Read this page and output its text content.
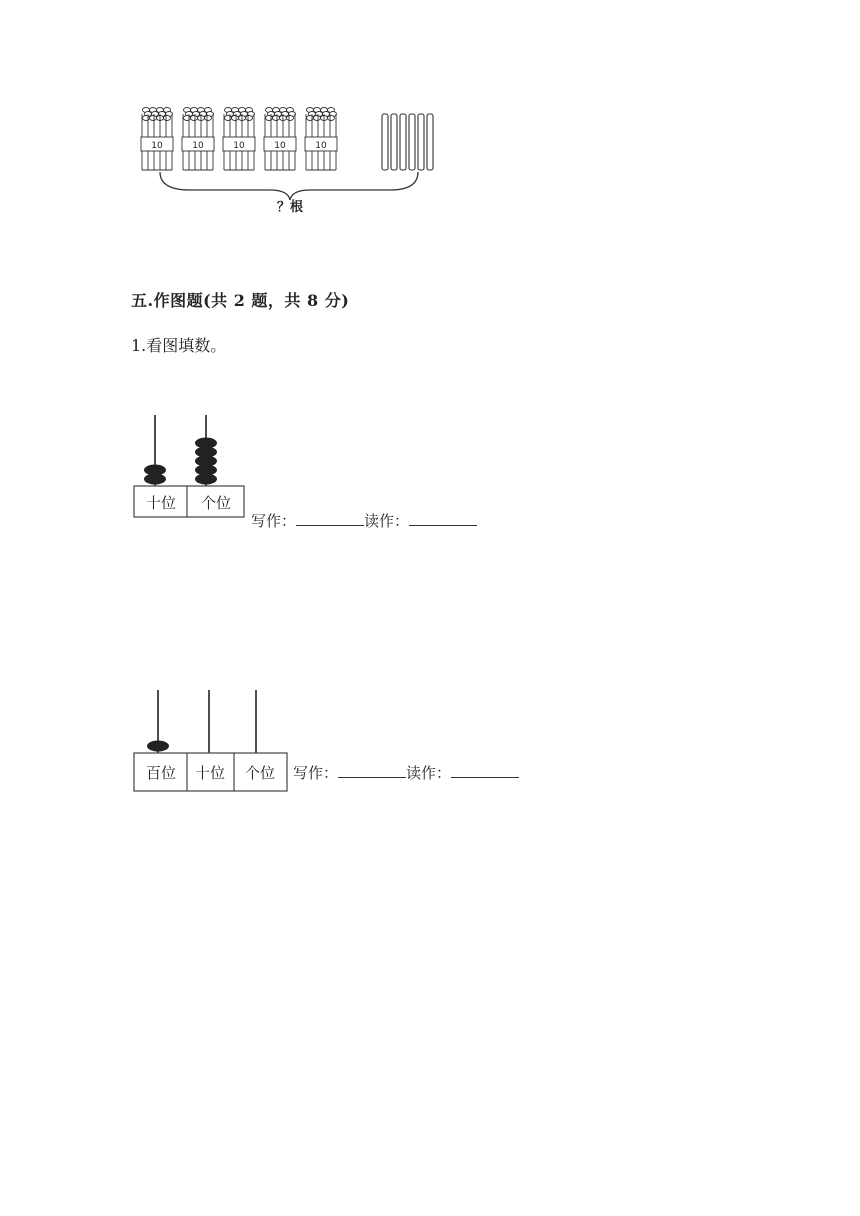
10	10	10	10	10
？根
五.作图题(共 2 题，共 8 分)
1.看图填数。
十位 个位
写作：	读作：
百位 十位 个位 写作：	读作：
